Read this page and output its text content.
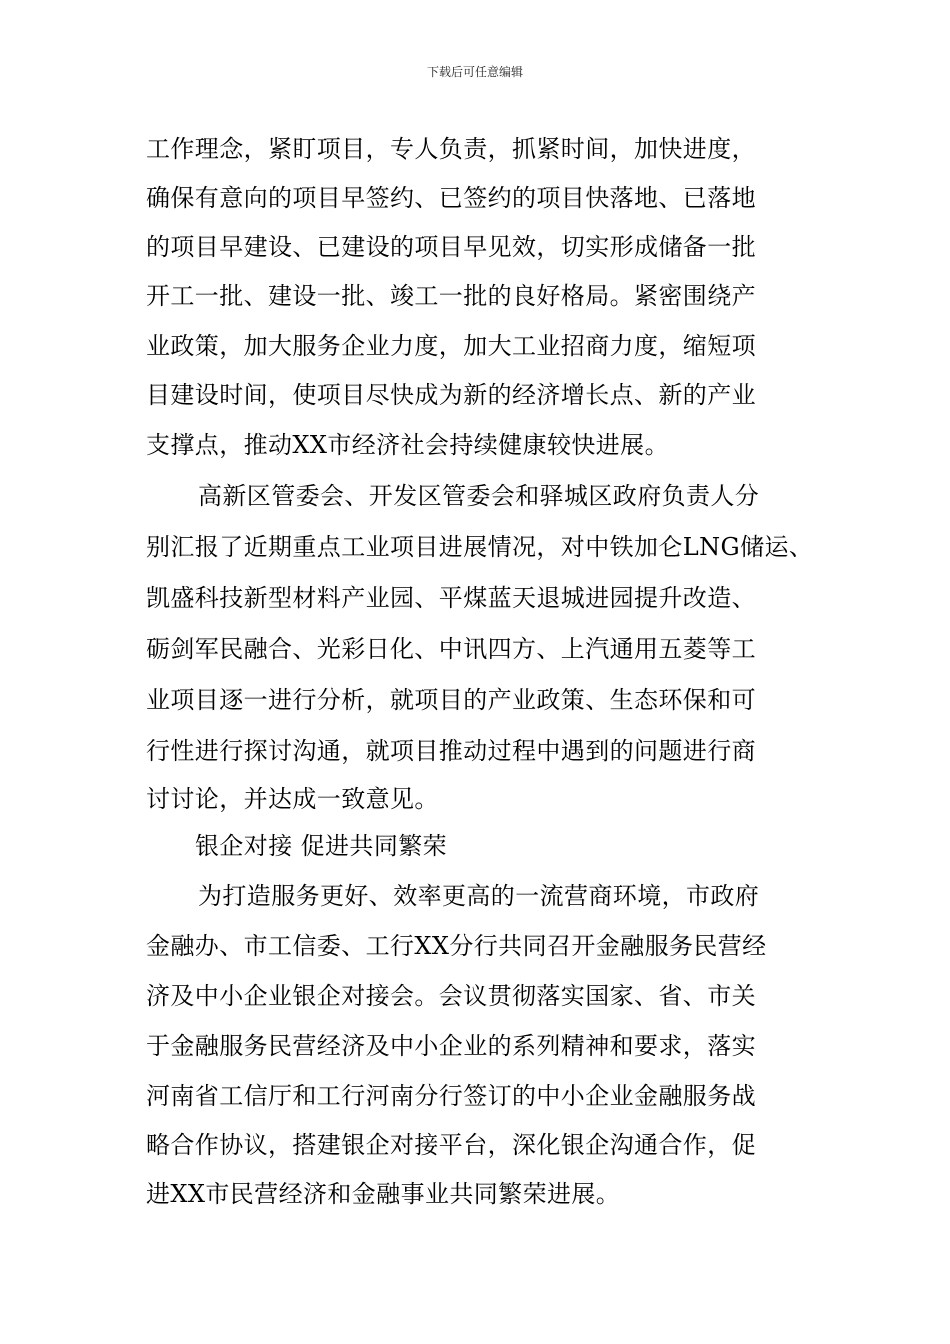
下载后可任意编辑
工作理念，紧盯项目，专人负责，抓紧时间，加快进度，
确保有意向的项目早签约、已签约的项目快落地、已落地
的项目早建设、已建设的项目早见效，切实形成储备一批
开工一批、建设一批、竣工一批的良好格局。紧密围绕产
业政策，加大服务企业力度，加大工业招商力度，缩短项
目建设时间，使项目尽快成为新的经济增长点、新的产业
支撑点，推动XX市经济社会持续健康较快进展。
高新区管委会、开发区管委会和驿城区政府负责人分
别汇报了近期重点工业项目进展情况，对中铁加仑LNG储运、
凯盛科技新型材料产业园、平煤蓝天退城进园提升改造、
砺剑军民融合、光彩日化、中讯四方、上汽通用五菱等工
业项目逐一进行分析，就项目的产业政策、生态环保和可
行性进行探讨沟通，就项目推动过程中遇到的问题进行商
讨讨论，并达成一致意见。
银企对接 促进共同繁荣
为打造服务更好、效率更高的一流营商环境，市政府
金融办、市工信委、工行XX分行共同召开金融服务民营经
济及中小企业银企对接会。会议贯彻落实国家、省、市关
于金融服务民营经济及中小企业的系列精神和要求，落实
河南省工信厅和工行河南分行签订的中小企业金融服务战
略合作协议，搭建银企对接平台，深化银企沟通合作，促
进XX市民营经济和金融事业共同繁荣进展。
